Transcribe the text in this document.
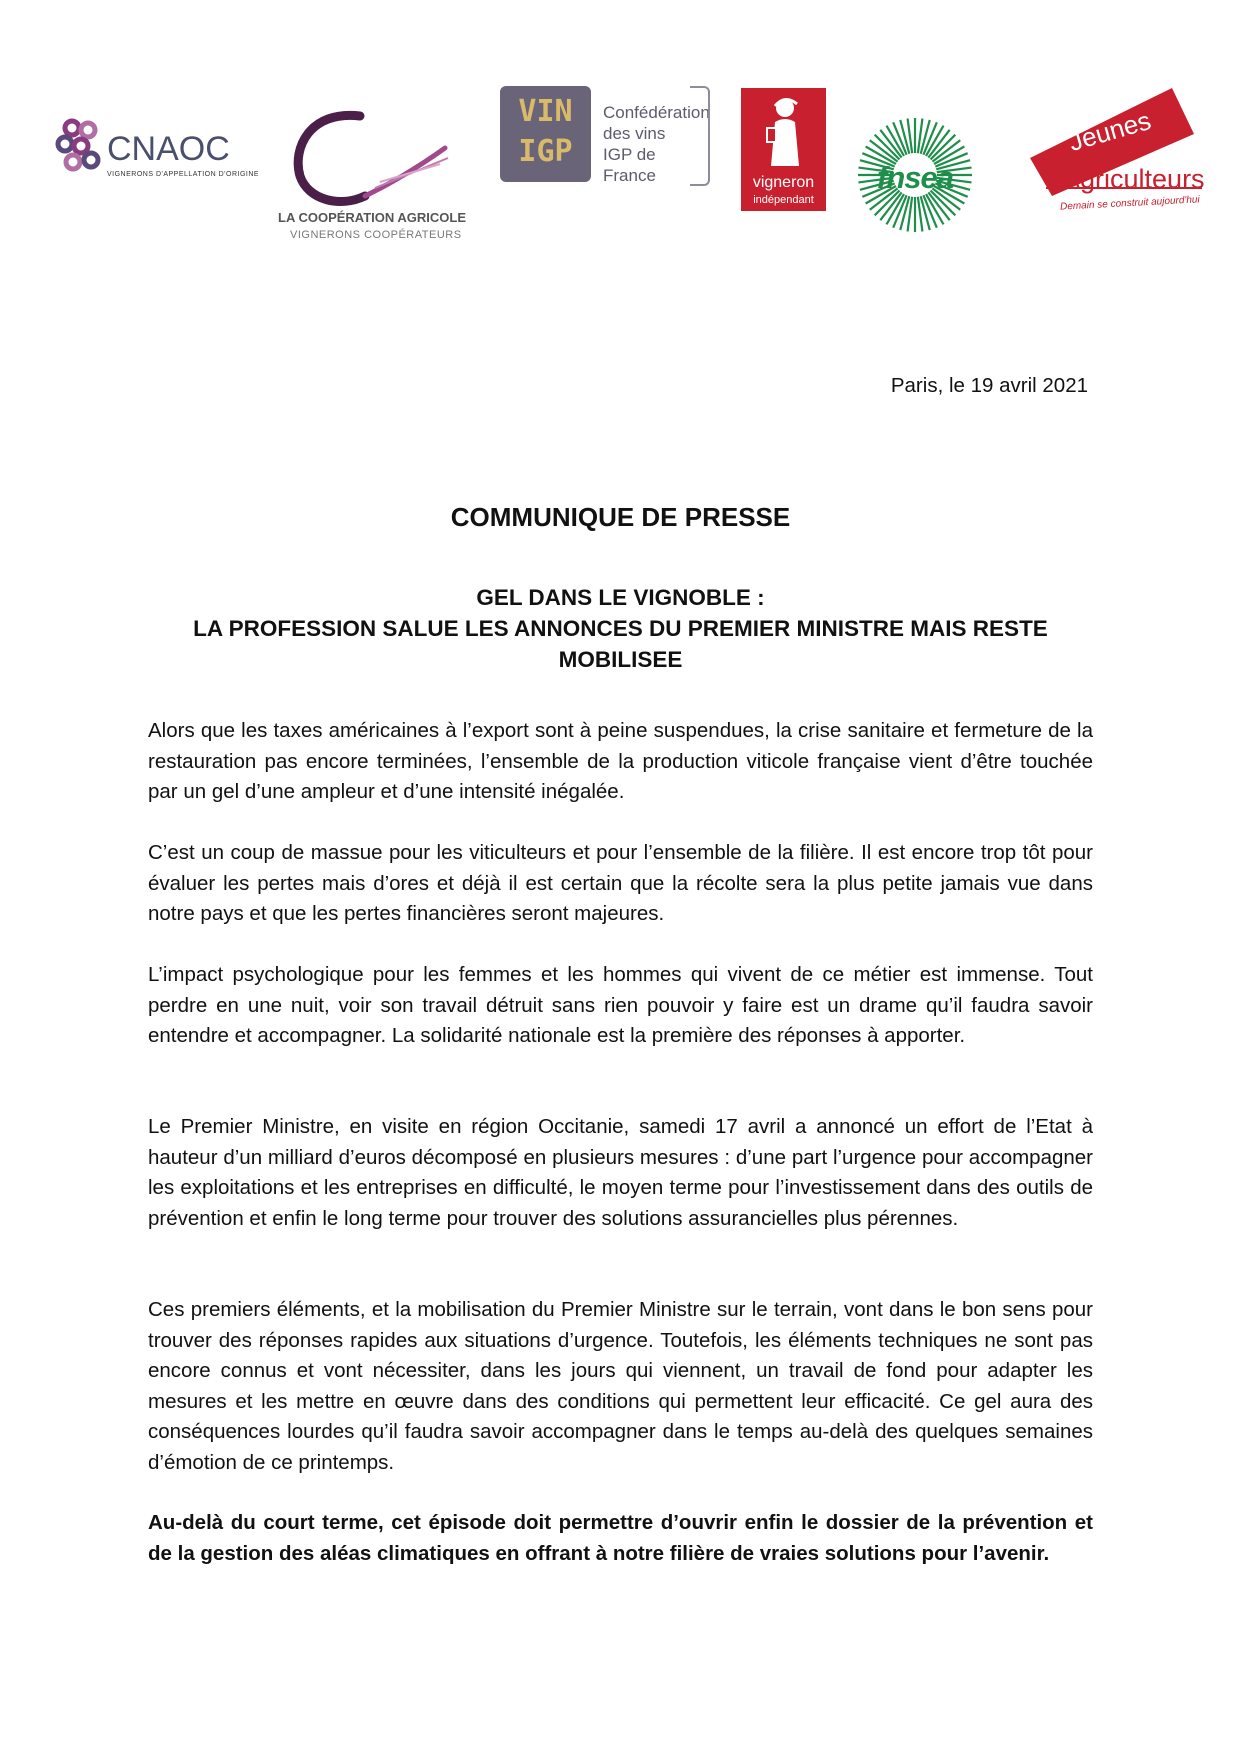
CNAOC
VIGNERONS D'APPELLATION D'ORIGINE
LA COOPÉRATION AGRICOLE
VIGNERONS COOPÉRATEURS
VIN
IGP
Confédération
des vins
IGP de France	vigneron
indépendant
fnsea
Jeunes
Agriculteurs
Demain se construit aujourd'hui
Paris, le 19 avril 2021
COMMUNIQUE DE PRESSE
GEL DANS LE VIGNOBLE :
LA PROFESSION SALUE LES ANNONCES DU PREMIER MINISTRE MAIS RESTE MOBILISEE

Alors que les taxes américaines à l’export sont à peine suspendues, la crise sanitaire et fermeture de la restauration pas encore terminées, l’ensemble de la production viticole française vient d’être touchée par un gel d’une ampleur et d’une intensité inégalée.

C’est un coup de massue pour les viticulteurs et pour l’ensemble de la filière. Il est encore trop tôt pour évaluer les pertes mais d’ores et déjà il est certain que la récolte sera la plus petite jamais vue dans notre pays et que les pertes financières seront majeures.

L’impact psychologique pour les femmes et les hommes qui vivent de ce métier est immense. Tout perdre en une nuit, voir son travail détruit sans rien pouvoir y faire est un drame qu’il faudra savoir entendre et accompagner. La solidarité nationale est la première des réponses à apporter.

Le Premier Ministre, en visite en région Occitanie, samedi 17 avril a annoncé un effort de l’Etat à hauteur d’un milliard d’euros décomposé en plusieurs mesures : d’une part l’urgence pour accompagner les exploitations et les entreprises en difficulté, le moyen terme pour l’investissement dans des outils de prévention et enfin le long terme pour trouver des solutions assurancielles plus pérennes.

Ces premiers éléments, et la mobilisation du Premier Ministre sur le terrain, vont dans le bon sens pour trouver des réponses rapides aux situations d’urgence. Toutefois, les éléments techniques ne sont pas encore connus et vont nécessiter, dans les jours qui viennent, un travail de fond pour adapter les mesures et les mettre en œuvre dans des conditions qui permettent leur efficacité. Ce gel aura des conséquences lourdes qu’il faudra savoir accompagner dans le temps au-delà des quelques semaines d’émotion de ce printemps.

Au-delà du court terme, cet épisode doit permettre d’ouvrir enfin le dossier de la prévention et de la gestion des aléas climatiques en offrant à notre filière de vraies solutions pour l’avenir.
